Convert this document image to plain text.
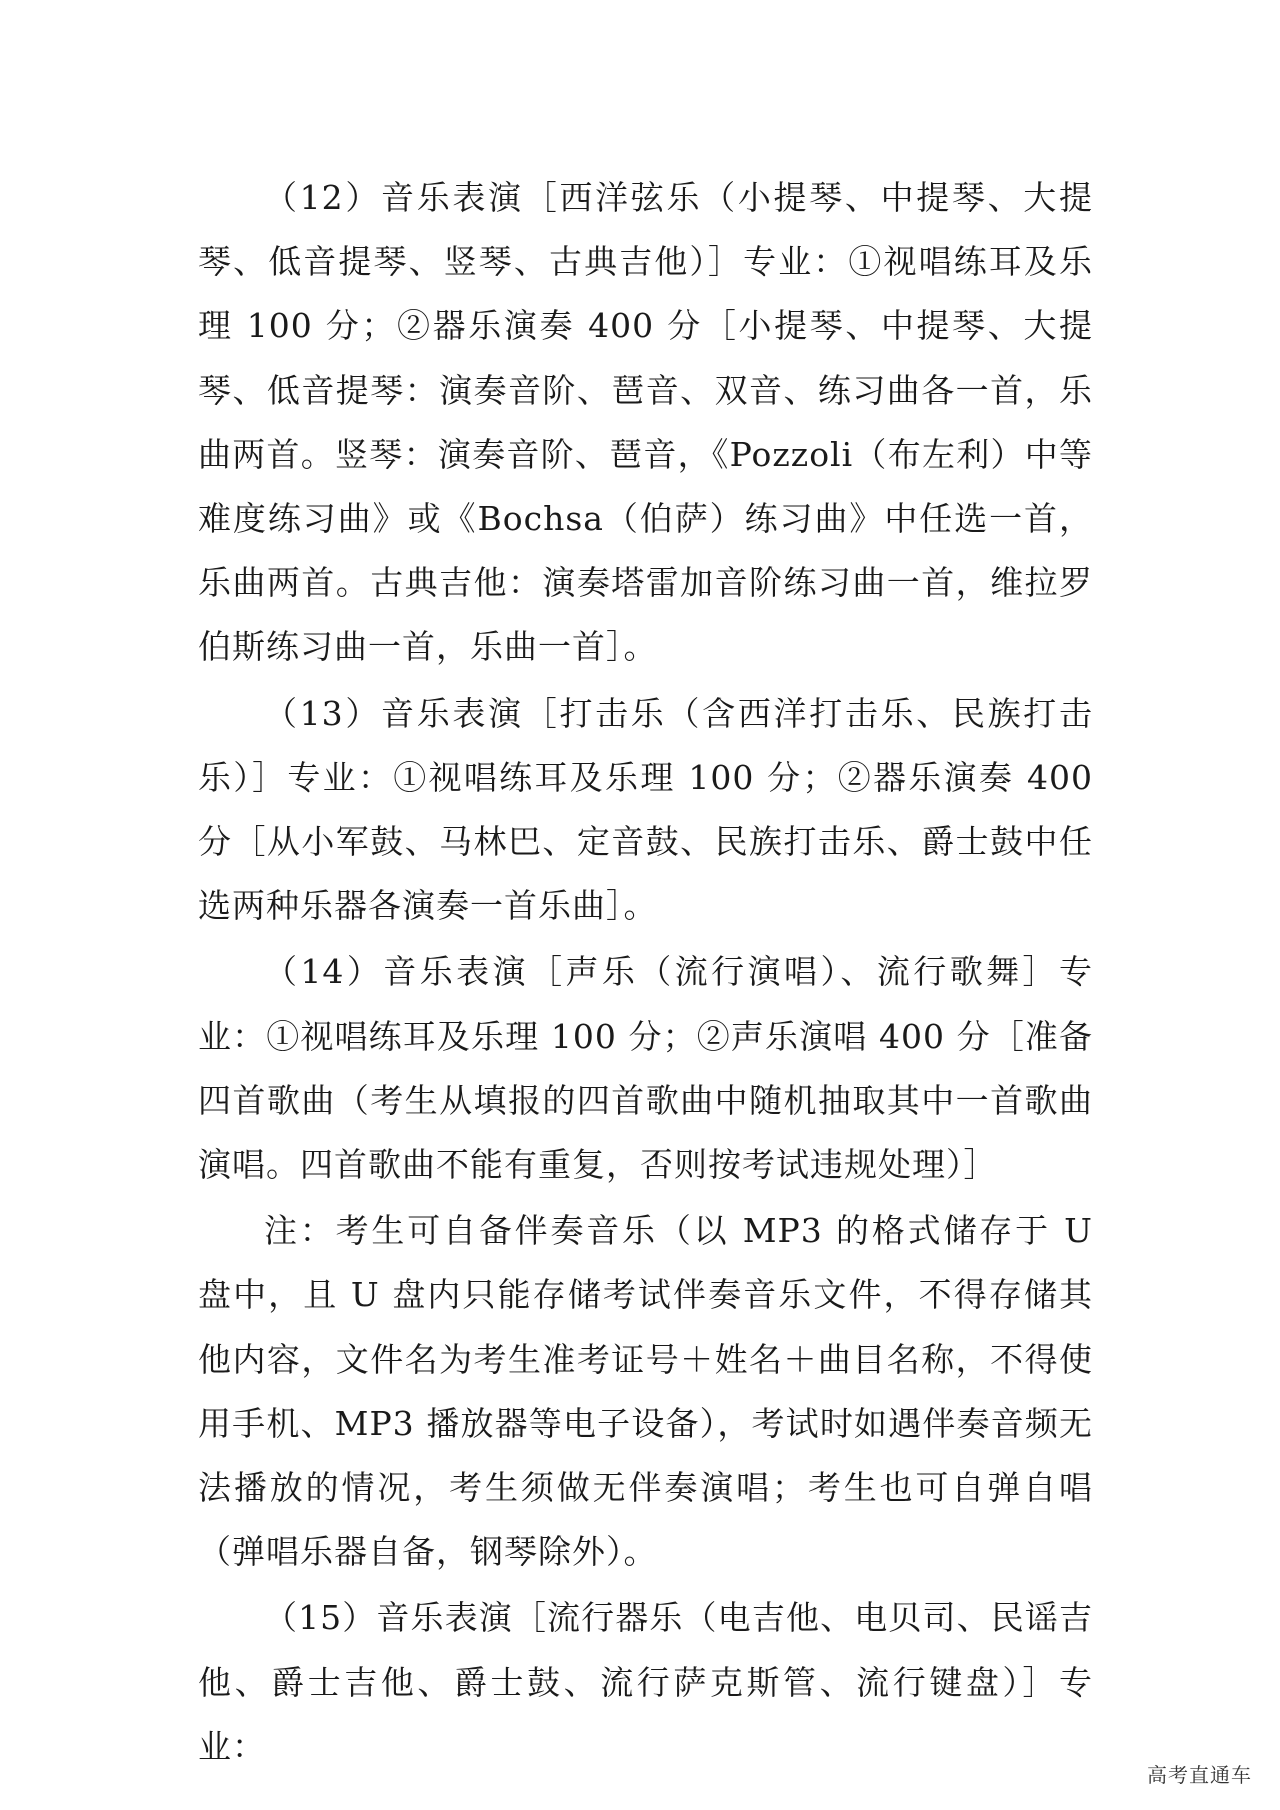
（12）音乐表演［西洋弦乐（小提琴、中提琴、大提琴、低音提琴、竖琴、古典吉他）］专业：①视唱练耳及乐理 100 分；②器乐演奏 400 分［小提琴、中提琴、大提琴、低音提琴：演奏音阶、琶音、双音、练习曲各一首，乐曲两首。竖琴：演奏音阶、琶音，《Pozzoli（布左利）中等难度练习曲》或《Bochsa（伯萨）练习曲》中任选一首，乐曲两首。古典吉他：演奏塔雷加音阶练习曲一首，维拉罗伯斯练习曲一首，乐曲一首］。

（13）音乐表演［打击乐（含西洋打击乐、民族打击乐）］专业：①视唱练耳及乐理 100 分；②器乐演奏 400 分［从小军鼓、马林巴、定音鼓、民族打击乐、爵士鼓中任选两种乐器各演奏一首乐曲］。

（14）音乐表演［声乐（流行演唱）、流行歌舞］专业：①视唱练耳及乐理 100 分；②声乐演唱 400 分［准备四首歌曲（考生从填报的四首歌曲中随机抽取其中一首歌曲演唱。四首歌曲不能有重复，否则按考试违规处理）］

注：考生可自备伴奏音乐（以 MP3 的格式储存于 U 盘中，且 U 盘内只能存储考试伴奏音乐文件，不得存储其他内容，文件名为考生准考证号＋姓名＋曲目名称，不得使用手机、MP3 播放器等电子设备），考试时如遇伴奏音频无法播放的情况，考生须做无伴奏演唱；考生也可自弹自唱（弹唱乐器自备，钢琴除外）。

（15）音乐表演［流行器乐（电吉他、电贝司、民谣吉他、爵士吉他、爵士鼓、流行萨克斯管、流行键盘）］专业：

高考直通车
